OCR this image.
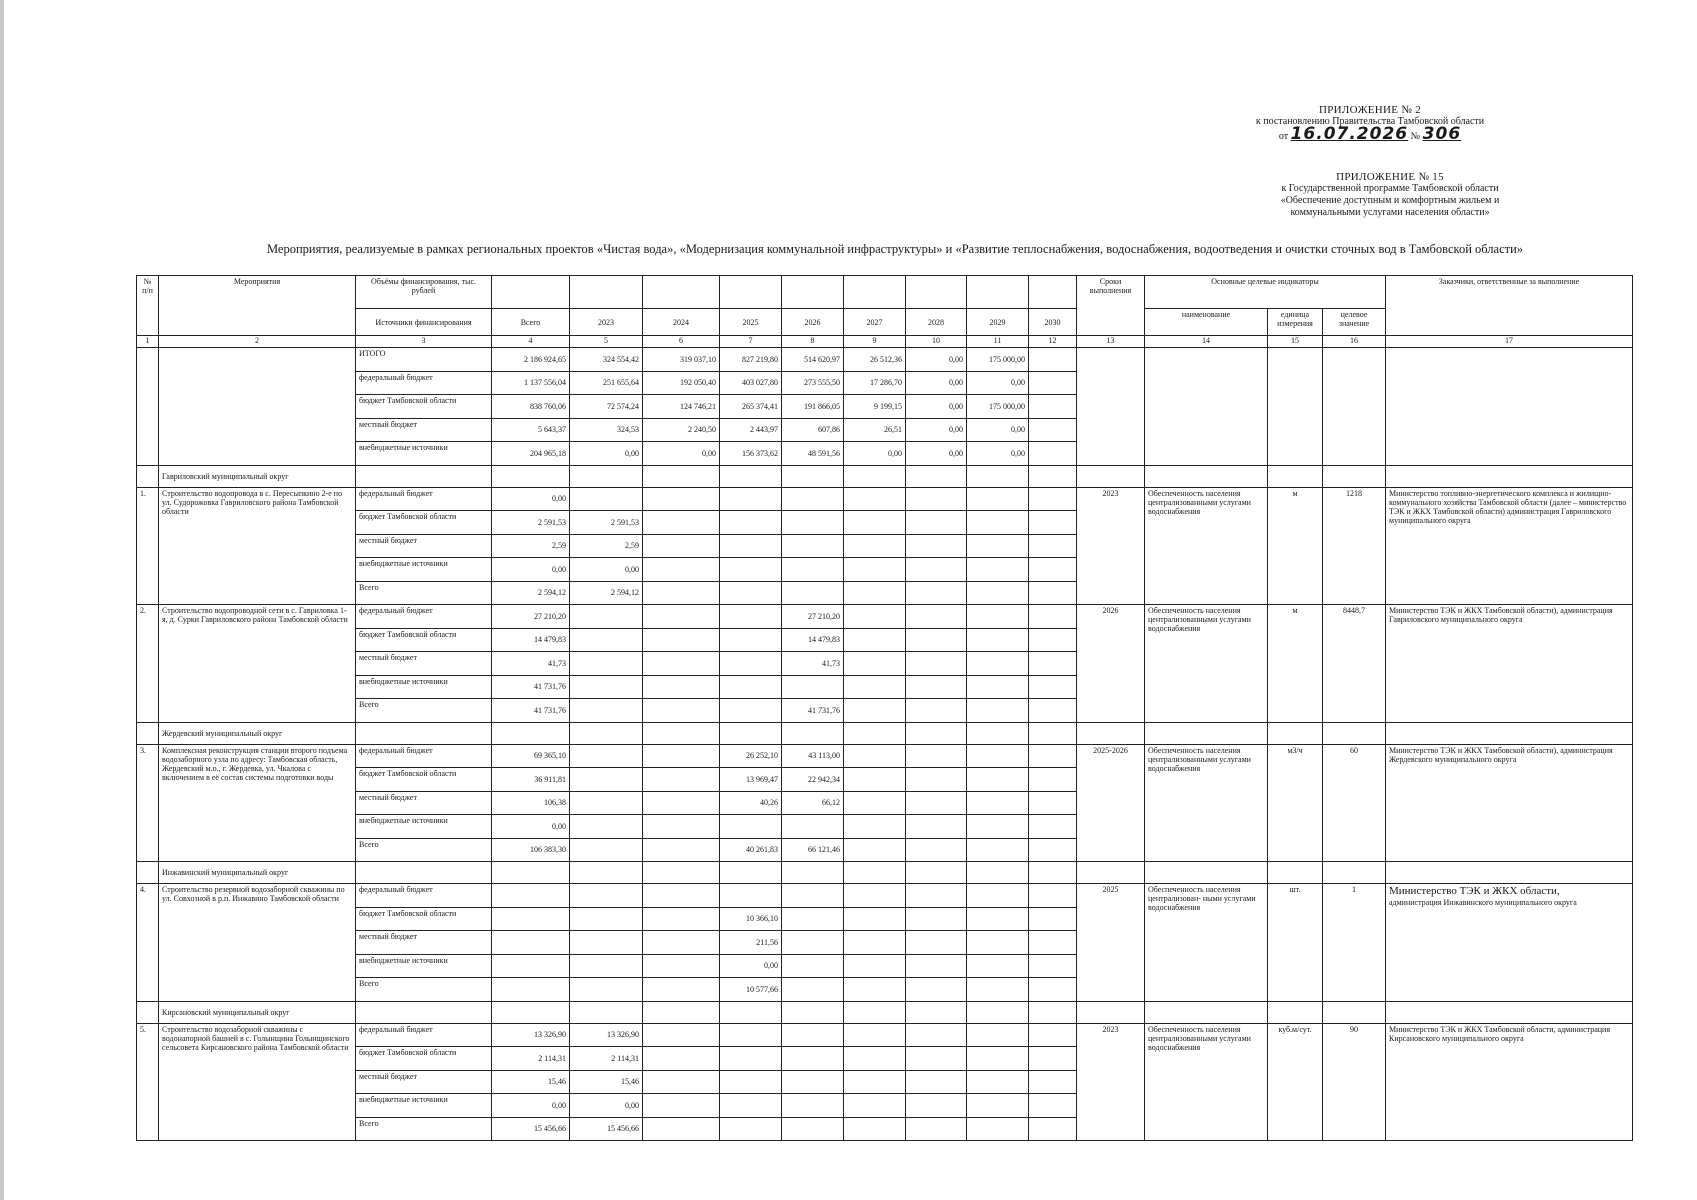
ПРИЛОЖЕНИЕ № 2
к постановлению Правительства Тамбовской области
от 16.07.2026 № 306
ПРИЛОЖЕНИЕ № 15
к Государственной программе Тамбовской области
«Обеспечение доступным и комфортным жильем и
коммунальными услугами населения области»
Мероприятия, реализуемые в рамках региональных проектов «Чистая вода», «Модернизация коммунальной инфраструктуры» и «Развитие теплоснабжения, водоснабжения, водоотведения и очистки сточных вод в Тамбовской области»
№ п/п	Мероприятия	Объёмы финансирования, тыс. рублей										Сроки выполнения	Основные целевые индикаторы			Заказчики, ответственные за выполнение
		Источники финансирования	Всего	2023	2024	2025	2026	2027	2028	2029	2030		наименование	единица измерения	целевое значение	
1	2	3	4	5	6	7	8	9	10	11	12	13	14	15	16	17
		ИТОГО	2 186 924,65	324 554,42	319 037,10	827 219,80	514 620,97	26 512,36	0,00	175 000,00						
		федеральный бюджет	1 137 556,04	251 655,64	192 050,40	403 027,80	273 555,50	17 286,70	0,00	0,00						
		бюджет Тамбовской области	838 760,06	72 574,24	124 746,21	265 374,41	191 866,05	9 199,15	0,00	175 000,00						
		местный бюджет	5 643,37	324,53	2 240,50	2 443,97	607,86	26,51	0,00	0,00						
		внебюджетные источники	204 965,18	0,00	0,00	156 373,62	48 591,56	0,00	0,00	0,00						
	Гавриловский муниципальный округ															
1.	Строительство водопровода в с. Пересыпкино 2-е по ул. Судорожовка Гавриловского района Тамбовской области	федеральный бюджет	0,00									2023	Обеспеченность населения централизованными услугами водоснабжения	м	1218	Министерство топливно-энергетического комплекса и жилищно-коммунального хозяйства Тамбовской области (далее – министерство ТЭК и ЖКХ Тамбовской области) администрация Гавриловского муниципального округа
		бюджет Тамбовской области	2 591,53	2 591,53												
		местный бюджет	2,59	2,59												
		внебюджетные источники	0,00	0,00												
		Всего	2 594,12	2 594,12												
2.	Строительство водопроводной сети в с. Гавриловка 1-я, д. Сурки Гавриловского района Тамбовской области	федеральный бюджет	27 210,20				27 210,20					2026	Обеспеченность населения централизованными услугами водоснабжения	м	8448,7	Министерство ТЭК и ЖКХ Тамбовской области), администрация Гавриловского муниципального округа
		бюджет Тамбовской области	14 479,83				14 479,83									
		местный бюджет	41,73				41,73									
		внебюджетные источники	41 731,76													
		Всего	41 731,76				41 731,76									
	Жердевский муниципальный округ															
3.	Комплексная реконструкция станции второго подъема водозаборного узла по адресу: Тамбовская область, Жердевский м.о., г. Жердевка, ул. Чкалова с включением в её состав системы подготовки воды	федеральный бюджет	69 365,10			26 252,10	43 113,00					2025-2026	Обеспеченность населения централизованными услугами водоснабжения	м3/ч	60	Министерство ТЭК и ЖКХ Тамбовской области), администрация Жердевского муниципального округа
		бюджет Тамбовской области	36 911,81			13 969,47	22 942,34									
		местный бюджет	106,38			40,26	66,12									
		внебюджетные источники	0,00													
		Всего	106 383,30			40 261,83	66 121,46									
	Инжавинский муниципальный округ															
4.	Строительство резервной водозаборной скважины по ул. Совхозной в р.п. Инжавино Тамбовской области	федеральный бюджет										2025	Обеспеченность населения централизован- ными услугами водоснабжения	шт.	1	Министерство ТЭК и ЖКХ области,
администрация Инжавинского муниципального округа

		бюджет Тамбовской области				10 366,10										
		местный бюджет				211,56										
		внебюджетные источники				0,00										
		Всего				10 577,66										
	Кирсановский муниципальный округ															
5.	Строительство водозаборной скважины с водонапорной башней в с. Голынщина Голынщинского сельсовета Кирсановского района Тамбовской области	федеральный бюджет	13 326,90	13 326,90								2023	Обеспеченность населения централизованными услугами водоснабжения	куб.м/сут.	90	Министерство ТЭК и ЖКХ Тамбовской области, администрация Кирсановского муниципального округа
		бюджет Тамбовской области	2 114,31	2 114,31												
		местный бюджет	15,46	15,46												
		внебюджетные источники	0,00	0,00												
		Всего	15 456,66	15 456,66												
